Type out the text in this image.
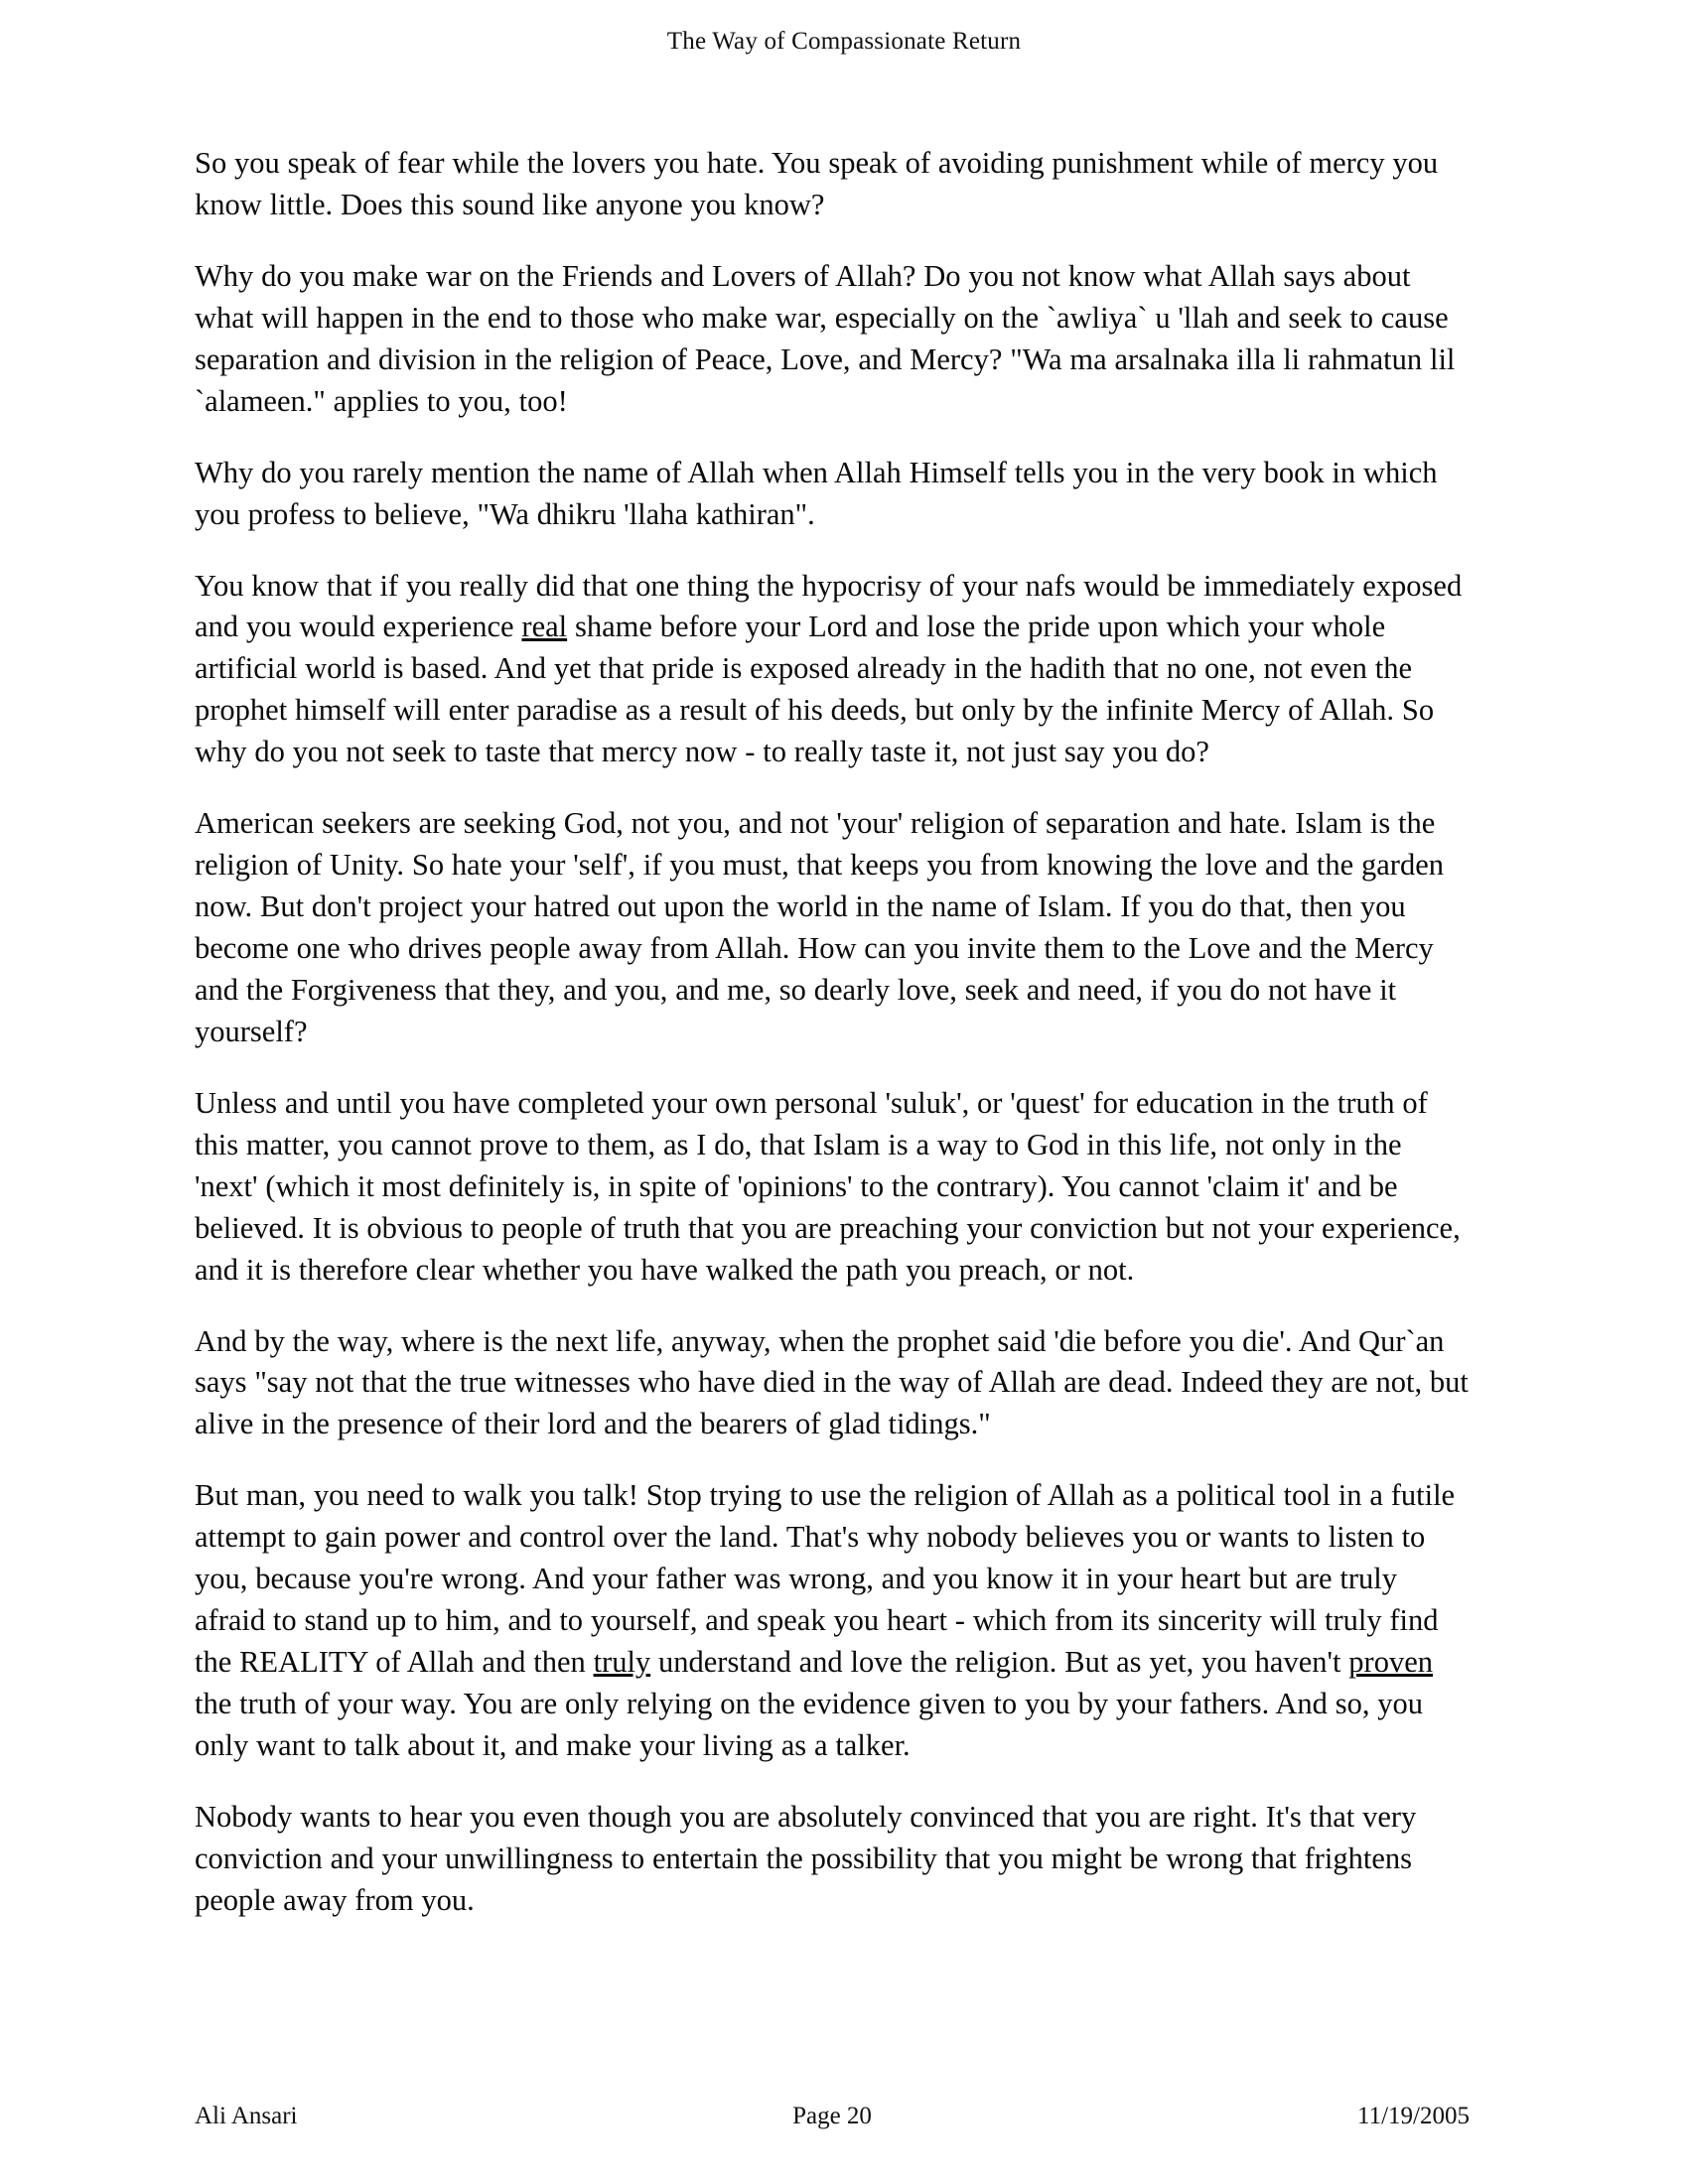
The Way of Compassionate Return

So you speak of fear while the lovers you hate. You speak of avoiding punishment while of mercy you know little. Does this sound like anyone you know?

Why do you make war on the Friends and Lovers of Allah? Do you not know what Allah says about what will happen in the end to those who make war, especially on the `awliya` u 'llah and seek to cause separation and division in the religion of Peace, Love, and Mercy? "Wa ma arsalnaka illa li rahmatun lil `alameen." applies to you, too!

Why do you rarely mention the name of Allah when Allah Himself tells you in the very book in which you profess to believe, "Wa dhikru 'llaha kathiran".

You know that if you really did that one thing the hypocrisy of your nafs would be immediately exposed and you would experience real shame before your Lord and lose the pride upon which your whole artificial world is based. And yet that pride is exposed already in the hadith that no one, not even the prophet himself will enter paradise as a result of his deeds, but only by the infinite Mercy of Allah. So why do you not seek to taste that mercy now - to really taste it, not just say you do?

American seekers are seeking God, not you, and not 'your' religion of separation and hate. Islam is the religion of Unity. So hate your 'self', if you must, that keeps you from knowing the love and the garden now. But don't project your hatred out upon the world in the name of Islam. If you do that, then you become one who drives people away from Allah. How can you invite them to the Love and the Mercy and the Forgiveness that they, and you, and me, so dearly love, seek and need, if you do not have it yourself?

Unless and until you have completed your own personal 'suluk', or 'quest' for education in the truth of this matter, you cannot prove to them, as I do, that Islam is a way to God in this life, not only in the 'next' (which it most definitely is, in spite of 'opinions' to the contrary). You cannot 'claim it' and be believed. It is obvious to people of truth that you are preaching your conviction but not your experience, and it is therefore clear whether you have walked the path you preach, or not.

And by the way, where is the next life, anyway, when the prophet said 'die before you die'. And Qur`an says "say not that the true witnesses who have died in the way of Allah are dead. Indeed they are not, but alive in the presence of their lord and the bearers of glad tidings."

But man, you need to walk you talk! Stop trying to use the religion of Allah as a political tool in a futile attempt to gain power and control over the land. That's why nobody believes you or wants to listen to you, because you're wrong. And your father was wrong, and you know it in your heart but are truly afraid to stand up to him, and to yourself, and speak you heart - which from its sincerity will truly find the REALITY of Allah and then truly understand and love the religion. But as yet, you haven't proven the truth of your way. You are only relying on the evidence given to you by your fathers. And so, you only want to talk about it, and make your living as a talker.

Nobody wants to hear you even though you are absolutely convinced that you are right. It's that very conviction and your unwillingness to entertain the possibility that you might be wrong that frightens people away from you.

Ali Ansari	Page 20	11/19/2005
